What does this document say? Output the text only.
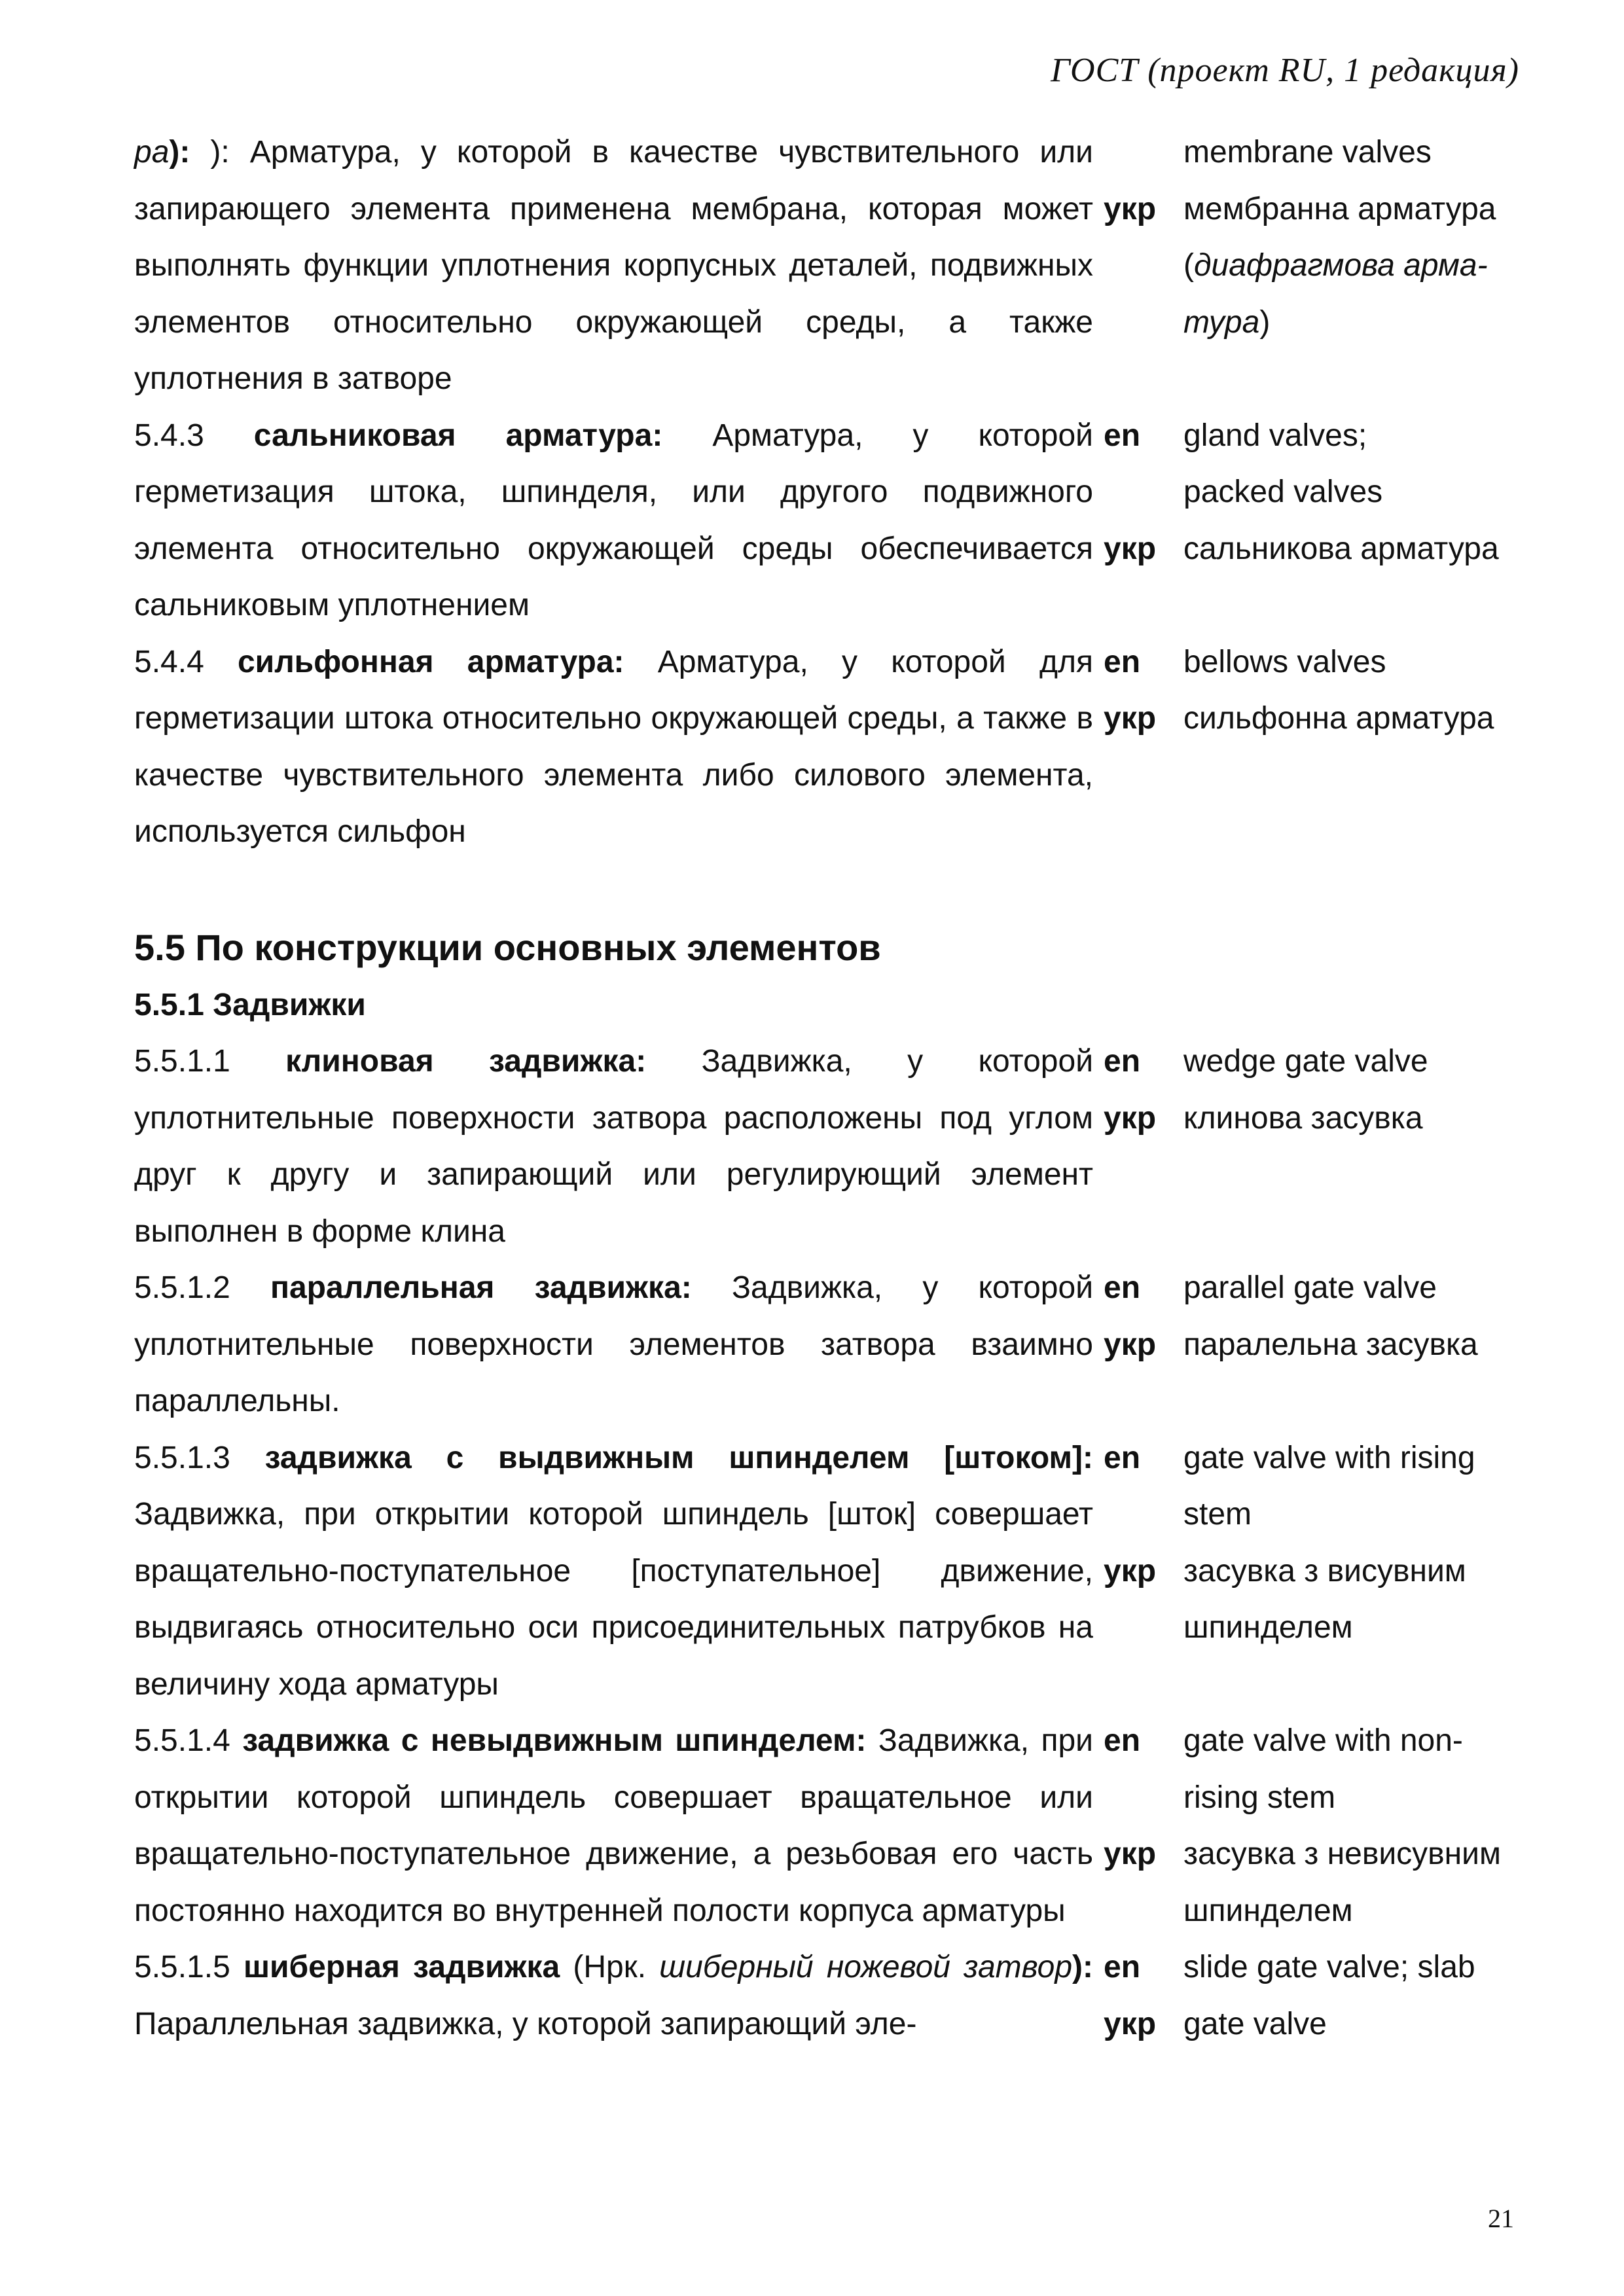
ГОСТ (проект RU, 1 редакция)
ра): ): Арматура, у которой в качестве чувствительного или запирающего элемента применена мембрана, которая может выполнять функции уплотнения корпусных деталей, подвижных элементов относительно окружающей среды, а также уплотнения в затворе
укр
membrane valves
мембранна арматура
(диафрагмова арма-
тура)
5.4.3 сальниковая арматура: Арматура, у которой герметизация штока, шпинделя, или другого подвижного элемента относительно окружающей среды обеспечивается сальниковым уплотнением
en
укр
gland valves;
packed valves
сальникова арматура
5.4.4 сильфонная арматура: Арматура, у которой для герметизации штока относительно окружающей среды, а также в качестве чувствительного элемента либо силового элемента, используется сильфон
en
укр
bellows valves
сильфонна арматура
5.5 По конструкции основных элементов
5.5.1 Задвижки
5.5.1.1 клиновая задвижка: Задвижка, у которой уплотнительные поверхности затвора расположены под углом друг к другу и запирающий или регулирующий элемент выполнен в форме клина
en
укр
wedge gate valve
клинова засувка
5.5.1.2 параллельная задвижка: Задвижка, у которой уплотнительные поверхности элементов затвора взаимно параллельны.
en
укр
parallel gate valve
паралельна засувка
5.5.1.3 задвижка с выдвижным шпинделем [штоком]: Задвижка, при открытии которой шпиндель [шток] совершает вращательно-поступательное [поступательное] движение, выдвигаясь относительно оси присоединительных патрубков на величину хода арматуры
en
укр
gate valve with rising
stem
засувка з висувним
шпинделем
5.5.1.4 задвижка с невыдвижным шпинделем: Задвижка, при открытии которой шпиндель совершает вращательное или вращательно-поступательное движение, а резьбовая его часть постоянно находится во внутренней полости корпуса арматуры
en
укр
gate valve with non-
rising stem
засувка з невисувним
шпинделем
5.5.1.5 шиберная задвижка (Нрк. шиберный ножевой затвор): Параллельная задвижка, у которой запирающий эле-
en
укр
slide gate valve; slab
gate valve
21
